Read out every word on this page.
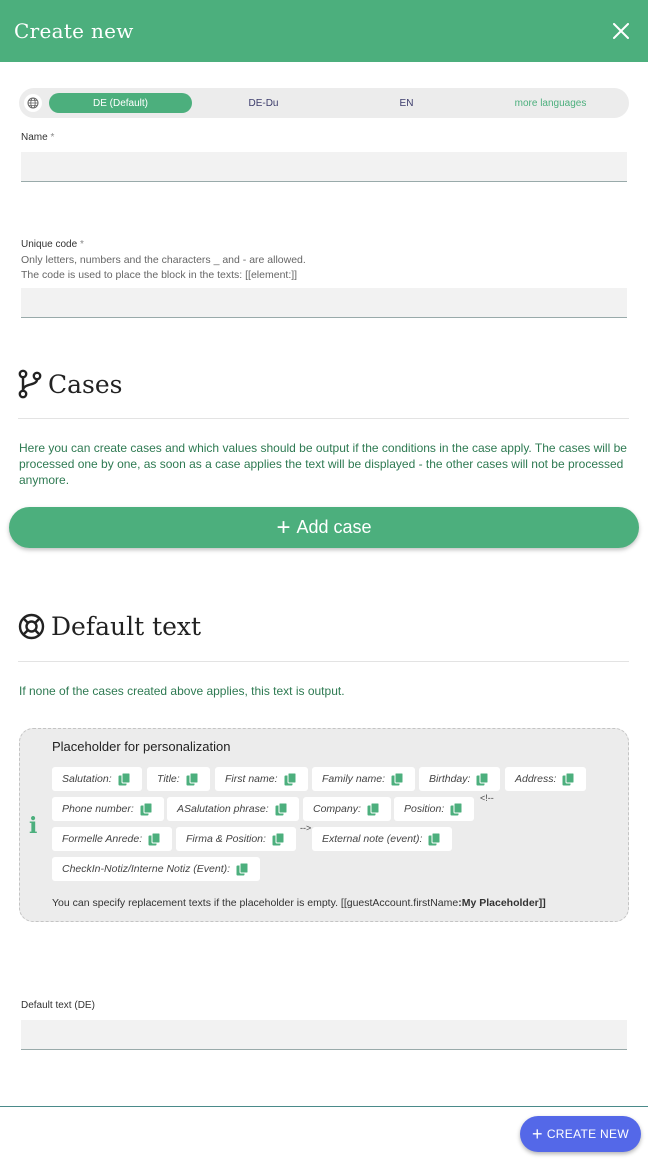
Create new
DE (Default)	DE-Du	EN	more languages
Name *
Unique code *
Only letters, numbers and the characters _ and - are allowed.
The code is used to place the block in the texts: [[element:]]
Cases
Here you can create cases and which values should be output if the conditions in the case apply. The cases will be processed one by one, as soon as a case applies the text will be displayed - the other cases will not be processed anymore.
+ Add case
Default text
If none of the cases created above applies, this text is output.
i
Placeholder for personalization
Salutation:	Title:	First name:	Family name:	Birthday:	Address:
Phone number:	ASalutation phrase:	Company:	Position:
<!--
Formelle Anrede:	Firma & Position:
-->
External note (event):
CheckIn-Notiz/Interne Notiz (Event):
You can specify replacement texts if the placeholder is empty. [[guestAccount.firstName:My Placeholder]]
Default text (DE)
+ CREATE NEW
